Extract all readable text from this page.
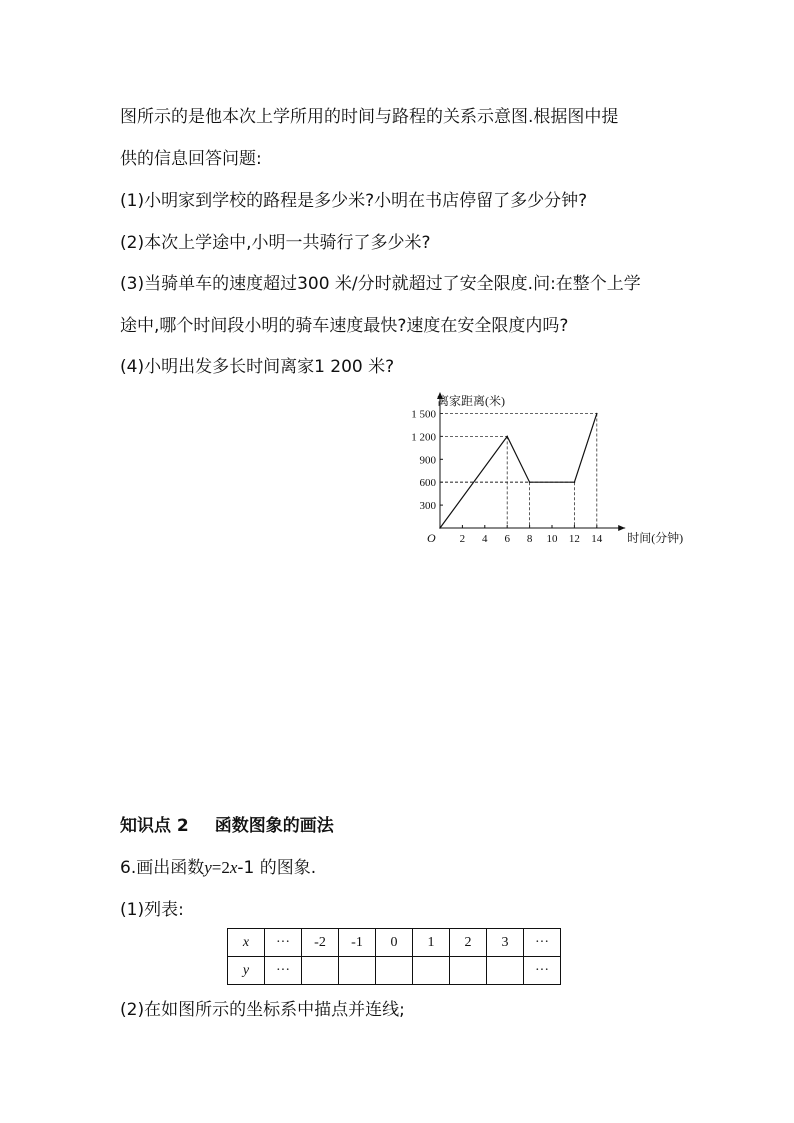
图所示的是他本次上学所用的时间与路程的关系示意图.根据图中提
供的信息回答问题:
(1)小明家到学校的路程是多少米?小明在书店停留了多少分钟?
(2)本次上学途中,小明一共骑行了多少米?
(3)当骑单车的速度超过300 米/分时就超过了安全限度.问:在整个上学
途中,哪个时间段小明的骑车速度最快?速度在安全限度内吗?
(4)小明出发多长时间离家1 200 米?
离家距离(米)
时间(分钟)
O 2 4 6 8 10 12 14
300
600
900
1 200
1 500
知识点 2 函数图象的画法
6.画出函数y=2x-1 的图象.
(1)列表:
x	···	-2	-1	0	1	2	3	···
y	···							···
(2)在如图所示的坐标系中描点并连线;
